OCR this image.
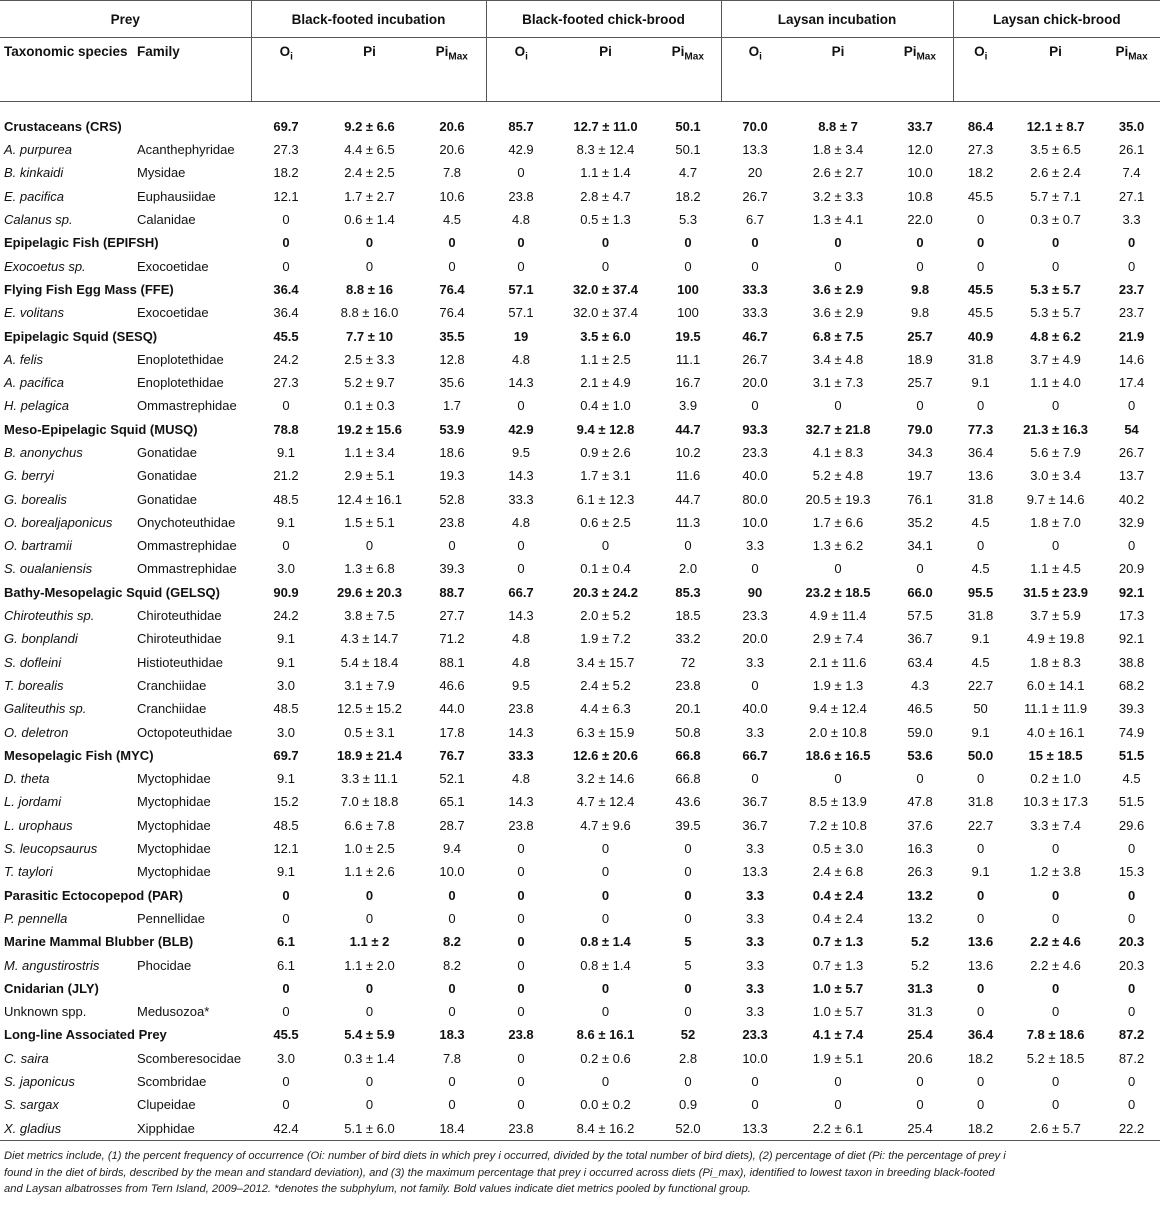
Prey		Black-footed incubation			Black-footed chick-brood			Laysan incubation			Laysan chick-brood		
Taxonomic species	Family	$O_i$	Pi	$Pi_{Max}$	$O_i$	Pi	$Pi_{Max}$	$O_i$	Pi	$Pi_{Max}$	$O_i$	Pi	$Pi_{Max}$
Crustaceans (CRS)		69.7	9.2 ± 6.6	20.6	85.7	12.7 ± 11.0	50.1	70.0	8.8 ± 7	33.7	86.4	12.1 ± 8.7	35.0
A. purpurea	Acanthephyridae	27.3	4.4 ± 6.5	20.6	42.9	8.3 ± 12.4	50.1	13.3	1.8 ± 3.4	12.0	27.3	3.5 ± 6.5	26.1
B. kinkaidi	Mysidae	18.2	2.4 ± 2.5	7.8	0	1.1 ± 1.4	4.7	20	2.6 ± 2.7	10.0	18.2	2.6 ± 2.4	7.4
E. pacifica	Euphausiidae	12.1	1.7 ± 2.7	10.6	23.8	2.8 ± 4.7	18.2	26.7	3.2 ± 3.3	10.8	45.5	5.7 ± 7.1	27.1
Calanus sp.	Calanidae	0	0.6 ± 1.4	4.5	4.8	0.5 ± 1.3	5.3	6.7	1.3 ± 4.1	22.0	0	0.3 ± 0.7	3.3
Epipelagic Fish (EPIFSH)		0	0	0	0	0	0	0	0	0	0	0	0
Exocoetus sp.	Exocoetidae	0	0	0	0	0	0	0	0	0	0	0	0
Flying Fish Egg Mass (FFE)		36.4	8.8 ± 16	76.4	57.1	32.0 ± 37.4	100	33.3	3.6 ± 2.9	9.8	45.5	5.3 ± 5.7	23.7
E. volitans	Exocoetidae	36.4	8.8 ± 16.0	76.4	57.1	32.0 ± 37.4	100	33.3	3.6 ± 2.9	9.8	45.5	5.3 ± 5.7	23.7
Epipelagic Squid (SESQ)		45.5	7.7 ± 10	35.5	19	3.5 ± 6.0	19.5	46.7	6.8 ± 7.5	25.7	40.9	4.8 ± 6.2	21.9
A. felis	Enoplotethidae	24.2	2.5 ± 3.3	12.8	4.8	1.1 ± 2.5	11.1	26.7	3.4 ± 4.8	18.9	31.8	3.7 ± 4.9	14.6
A. pacifica	Enoplotethidae	27.3	5.2 ± 9.7	35.6	14.3	2.1 ± 4.9	16.7	20.0	3.1 ± 7.3	25.7	9.1	1.1 ± 4.0	17.4
H. pelagica	Ommastrephidae	0	0.1 ± 0.3	1.7	0	0.4 ± 1.0	3.9	0	0	0	0	0	0
Meso-Epipelagic Squid (MUSQ)		78.8	19.2 ± 15.6	53.9	42.9	9.4 ± 12.8	44.7	93.3	32.7 ± 21.8	79.0	77.3	21.3 ± 16.3	54
B. anonychus	Gonatidae	9.1	1.1 ± 3.4	18.6	9.5	0.9 ± 2.6	10.2	23.3	4.1 ± 8.3	34.3	36.4	5.6 ± 7.9	26.7
G. berryi	Gonatidae	21.2	2.9 ± 5.1	19.3	14.3	1.7 ± 3.1	11.6	40.0	5.2 ± 4.8	19.7	13.6	3.0 ± 3.4	13.7
G. borealis	Gonatidae	48.5	12.4 ± 16.1	52.8	33.3	6.1 ± 12.3	44.7	80.0	20.5 ± 19.3	76.1	31.8	9.7 ± 14.6	40.2
O. borealjaponicus	Onychoteuthidae	9.1	1.5 ± 5.1	23.8	4.8	0.6 ± 2.5	11.3	10.0	1.7 ± 6.6	35.2	4.5	1.8 ± 7.0	32.9
O. bartramii	Ommastrephidae	0	0	0	0	0	0	3.3	1.3 ± 6.2	34.1	0	0	0
S. oualaniensis	Ommastrephidae	3.0	1.3 ± 6.8	39.3	0	0.1 ± 0.4	2.0	0	0	0	4.5	1.1 ± 4.5	20.9
Bathy-Mesopelagic Squid (GELSQ)		90.9	29.6 ± 20.3	88.7	66.7	20.3 ± 24.2	85.3	90	23.2 ± 18.5	66.0	95.5	31.5 ± 23.9	92.1
Chiroteuthis sp.	Chiroteuthidae	24.2	3.8 ± 7.5	27.7	14.3	2.0 ± 5.2	18.5	23.3	4.9 ± 11.4	57.5	31.8	3.7 ± 5.9	17.3
G. bonplandi	Chiroteuthidae	9.1	4.3 ± 14.7	71.2	4.8	1.9 ± 7.2	33.2	20.0	2.9 ± 7.4	36.7	9.1	4.9 ± 19.8	92.1
S. dofleini	Histioteuthidae	9.1	5.4 ± 18.4	88.1	4.8	3.4 ± 15.7	72	3.3	2.1 ± 11.6	63.4	4.5	1.8 ± 8.3	38.8
T. borealis	Cranchiidae	3.0	3.1 ± 7.9	46.6	9.5	2.4 ± 5.2	23.8	0	1.9 ± 1.3	4.3	22.7	6.0 ± 14.1	68.2
Galiteuthis sp.	Cranchiidae	48.5	12.5 ± 15.2	44.0	23.8	4.4 ± 6.3	20.1	40.0	9.4 ± 12.4	46.5	50	11.1 ± 11.9	39.3
O. deletron	Octopoteuthidae	3.0	0.5 ± 3.1	17.8	14.3	6.3 ± 15.9	50.8	3.3	2.0 ± 10.8	59.0	9.1	4.0 ± 16.1	74.9
Mesopelagic Fish (MYC)		69.7	18.9 ± 21.4	76.7	33.3	12.6 ± 20.6	66.8	66.7	18.6 ± 16.5	53.6	50.0	15 ± 18.5	51.5
D. theta	Myctophidae	9.1	3.3 ± 11.1	52.1	4.8	3.2 ± 14.6	66.8	0	0	0	0	0.2 ± 1.0	4.5
L. jordami	Myctophidae	15.2	7.0 ± 18.8	65.1	14.3	4.7 ± 12.4	43.6	36.7	8.5 ± 13.9	47.8	31.8	10.3 ± 17.3	51.5
L. urophaus	Myctophidae	48.5	6.6 ± 7.8	28.7	23.8	4.7 ± 9.6	39.5	36.7	7.2 ± 10.8	37.6	22.7	3.3 ± 7.4	29.6
S. leucopsaurus	Myctophidae	12.1	1.0 ± 2.5	9.4	0	0	0	3.3	0.5 ± 3.0	16.3	0	0	0
T. taylori	Myctophidae	9.1	1.1 ± 2.6	10.0	0	0	0	13.3	2.4 ± 6.8	26.3	9.1	1.2 ± 3.8	15.3
Parasitic Ectocopepod (PAR)		0	0	0	0	0	0	3.3	0.4 ± 2.4	13.2	0	0	0
P. pennella	Pennellidae	0	0	0	0	0	0	3.3	0.4 ± 2.4	13.2	0	0	0
Marine Mammal Blubber (BLB)		6.1	1.1 ± 2	8.2	0	0.8 ± 1.4	5	3.3	0.7 ± 1.3	5.2	13.6	2.2 ± 4.6	20.3
M. angustirostris	Phocidae	6.1	1.1 ± 2.0	8.2	0	0.8 ± 1.4	5	3.3	0.7 ± 1.3	5.2	13.6	2.2 ± 4.6	20.3
Cnidarian (JLY)		0	0	0	0	0	0	3.3	1.0 ± 5.7	31.3	0	0	0
Unknown spp.	Medusozoa*	0	0	0	0	0	0	3.3	1.0 ± 5.7	31.3	0	0	0
Long-line Associated Prey		45.5	5.4 ± 5.9	18.3	23.8	8.6 ± 16.1	52	23.3	4.1 ± 7.4	25.4	36.4	7.8 ± 18.6	87.2
C. saira	Scomberesocidae	3.0	0.3 ± 1.4	7.8	0	0.2 ± 0.6	2.8	10.0	1.9 ± 5.1	20.6	18.2	5.2 ± 18.5	87.2
S. japonicus	Scombridae	0	0	0	0	0	0	0	0	0	0	0	0
S. sargax	Clupeidae	0	0	0	0	0.0 ± 0.2	0.9	0	0	0	0	0	0
X. gladius	Xipphidae	42.4	5.1 ± 6.0	18.4	23.8	8.4 ± 16.2	52.0	13.3	2.2 ± 6.1	25.4	18.2	2.6 ± 5.7	22.2
Diet metrics include, (1) the percent frequency of occurrence (Oi: number of bird diets in which prey i occurred, divided by the total number of bird diets), (2) percentage of diet (Pi: the percentage of prey i found in the diet of birds, described by the mean and standard deviation), and (3) the maximum percentage that prey i occurred across diets (Pi_max), identified to lowest taxon in breeding black-footed and Laysan albatrosses from Tern Island, 2009–2012. *denotes the subphylum, not family. Bold values indicate diet metrics pooled by functional group.
